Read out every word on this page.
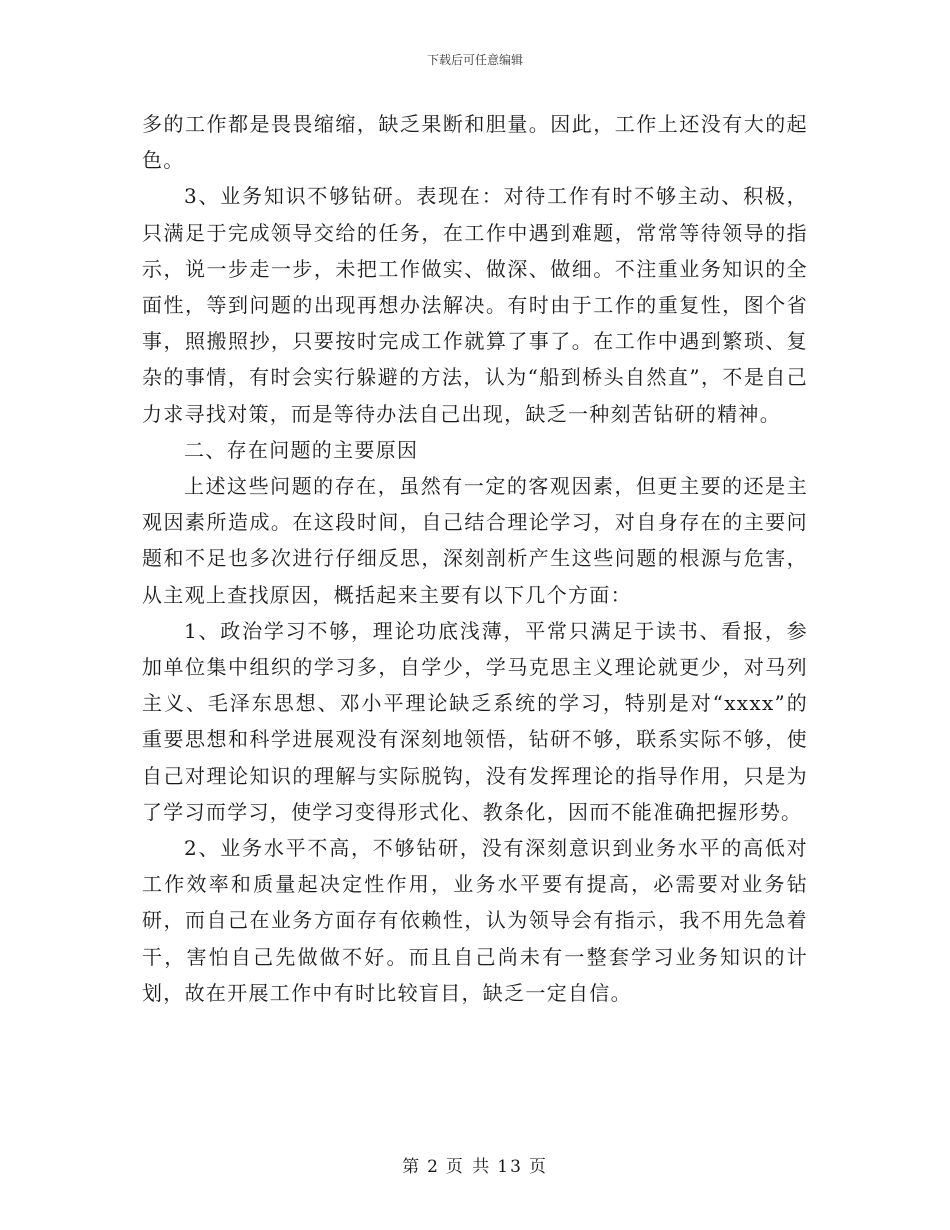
下载后可任意编辑

多的工作都是畏畏缩缩，缺乏果断和胆量。因此，工作上还没有大的起色。

3、业务知识不够钻研。表现在：对待工作有时不够主动、积极，只满足于完成领导交给的任务，在工作中遇到难题，常常等待领导的指示，说一步走一步，未把工作做实、做深、做细。不注重业务知识的全面性，等到问题的出现再想办法解决。有时由于工作的重复性，图个省事，照搬照抄，只要按时完成工作就算了事了。在工作中遇到繁琐、复杂的事情，有时会实行躲避的方法，认为“船到桥头自然直”，不是自己力求寻找对策，而是等待办法自己出现，缺乏一种刻苦钻研的精神。

二、存在问题的主要原因

上述这些问题的存在，虽然有一定的客观因素，但更主要的还是主观因素所造成。在这段时间，自己结合理论学习，对自身存在的主要问题和不足也多次进行仔细反思，深刻剖析产生这些问题的根源与危害，从主观上查找原因，概括起来主要有以下几个方面：

1、政治学习不够，理论功底浅薄，平常只满足于读书、看报，参加单位集中组织的学习多，自学少，学马克思主义理论就更少，对马列主义、毛泽东思想、邓小平理论缺乏系统的学习，特别是对“xxxx”的重要思想和科学进展观没有深刻地领悟，钻研不够，联系实际不够，使自己对理论知识的理解与实际脱钩，没有发挥理论的指导作用，只是为了学习而学习，使学习变得形式化、教条化，因而不能准确把握形势。

2、业务水平不高，不够钻研，没有深刻意识到业务水平的高低对工作效率和质量起决定性作用，业务水平要有提高，必需要对业务钻研，而自己在业务方面存有依赖性，认为领导会有指示，我不用先急着干，害怕自己先做做不好。而且自己尚未有一整套学习业务知识的计划，故在开展工作中有时比较盲目，缺乏一定自信。

第 2 页 共 13 页
